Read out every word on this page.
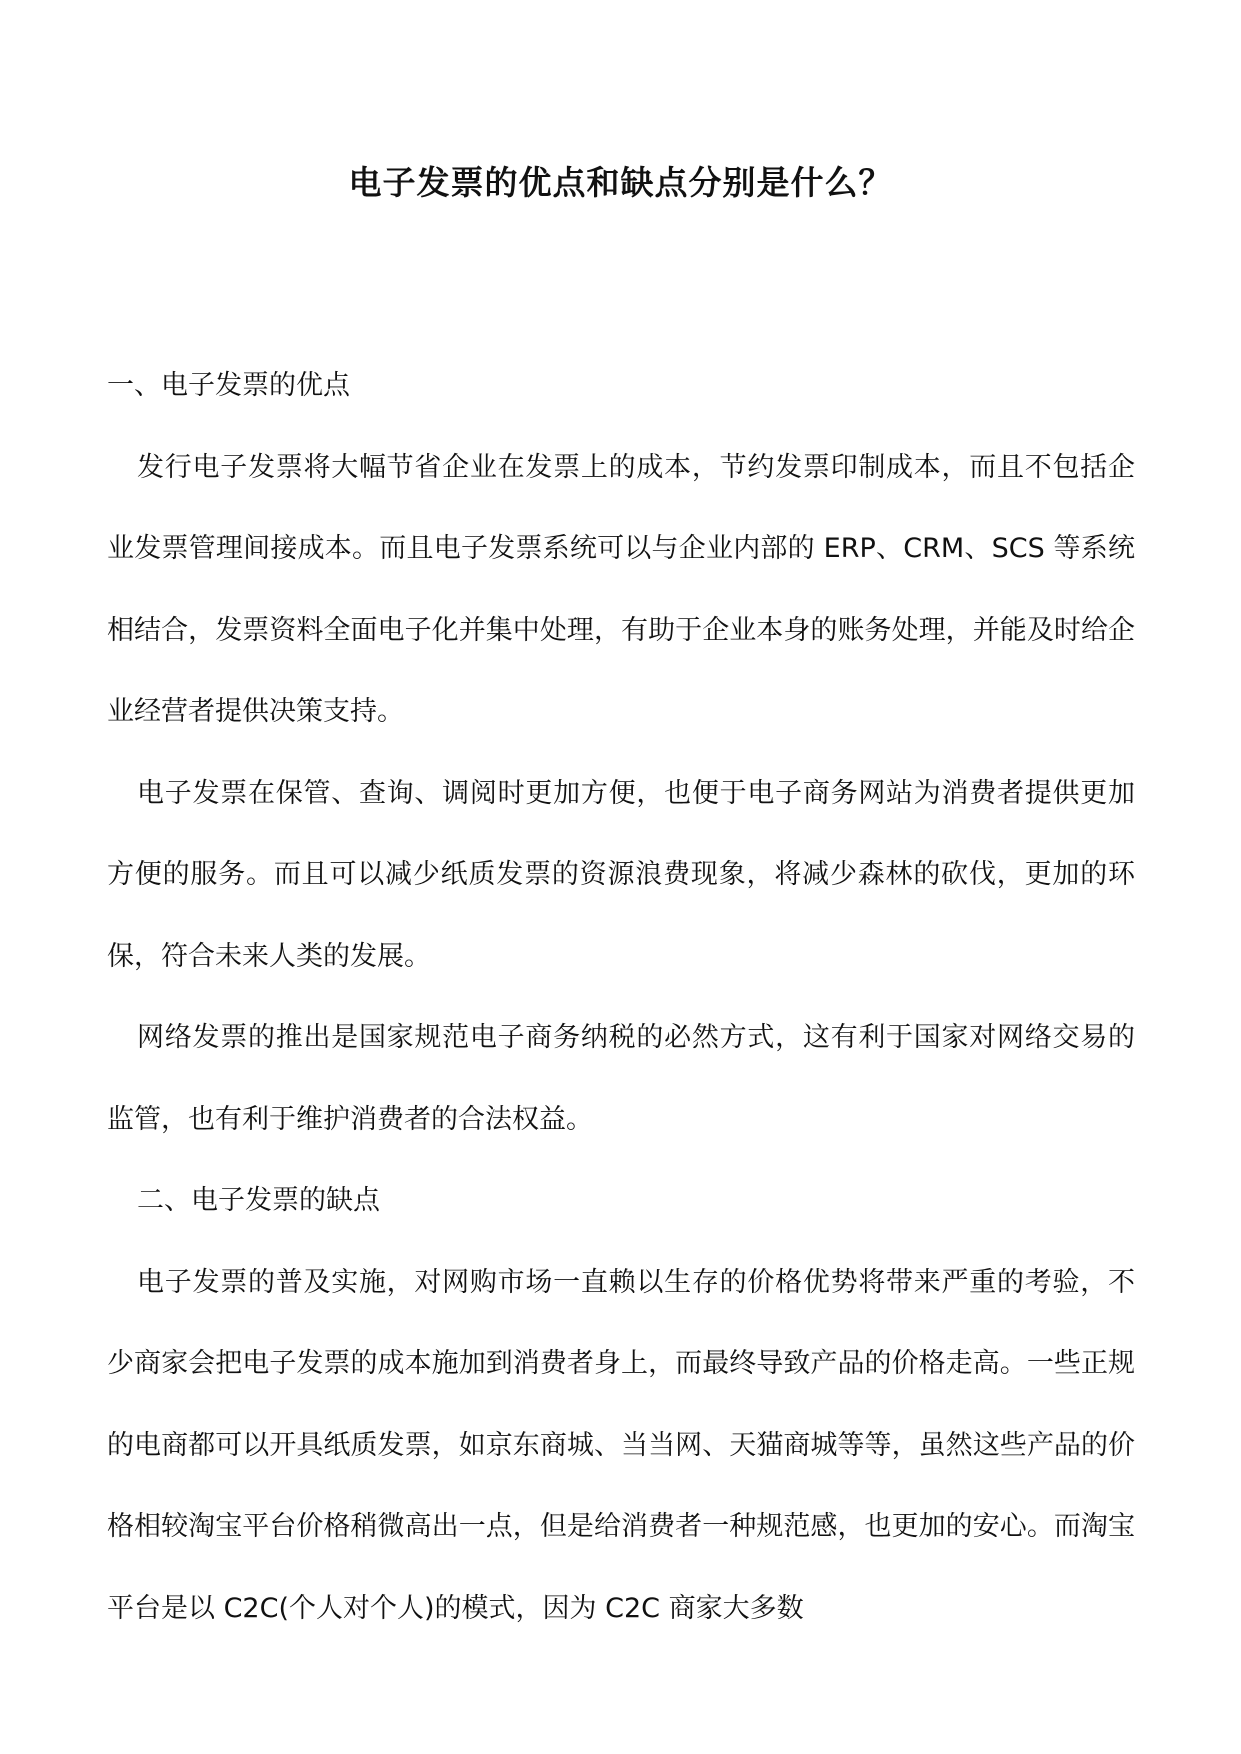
电子发票的优点和缺点分别是什么？

一、电子发票的优点

发行电子发票将大幅节省企业在发票上的成本，节约发票印制成本，而且不包括企业发票管理间接成本。而且电子发票系统可以与企业内部的 ERP、CRM、SCS 等系统相结合，发票资料全面电子化并集中处理，有助于企业本身的账务处理，并能及时给企业经营者提供决策支持。

电子发票在保管、查询、调阅时更加方便，也便于电子商务网站为消费者提供更加方便的服务。而且可以减少纸质发票的资源浪费现象，将减少森林的砍伐，更加的环保，符合未来人类的发展。

网络发票的推出是国家规范电子商务纳税的必然方式，这有利于国家对网络交易的监管，也有利于维护消费者的合法权益。

二、电子发票的缺点

电子发票的普及实施，对网购市场一直赖以生存的价格优势将带来严重的考验，不少商家会把电子发票的成本施加到消费者身上，而最终导致产品的价格走高。一些正规的电商都可以开具纸质发票，如京东商城、当当网、天猫商城等等，虽然这些产品的价格相较淘宝平台价格稍微高出一点，但是给消费者一种规范感，也更加的安心。而淘宝平台是以 C2C(个人对个人)的模式，因为 C2C 商家大多数
